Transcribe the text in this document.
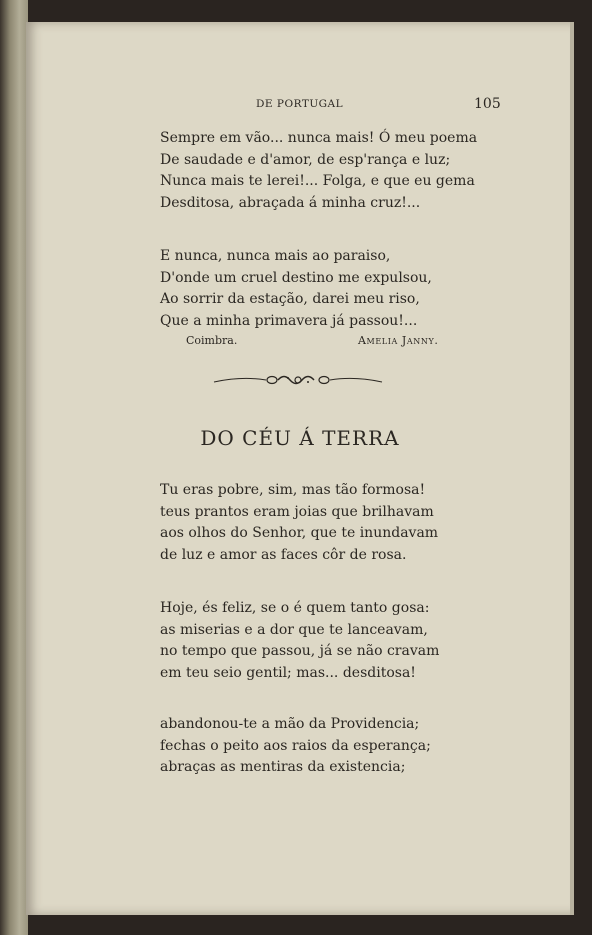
DE PORTUGAL	105
Sempre em vão... nunca mais! Ó meu poema
De saudade e d'amor, de esp'rança e luz;
Nunca mais te lerei!... Folga, e que eu gema
Desditosa, abraçada á minha cruz!...
E nunca, nunca mais ao paraiso,
D'onde um cruel destino me expulsou,
Ao sorrir da estação, darei meu riso,
Que a minha primavera já passou!...
Coimbra.	Amelia Janny.
DO CÉU Á TERRA
Tu eras pobre, sim, mas tão formosa!
teus prantos eram joias que brilhavam
aos olhos do Senhor, que te inundavam
de luz e amor as faces côr de rosa.
Hoje, és feliz, se o é quem tanto gosa:
as miserias e a dor que te lanceavam,
no tempo que passou, já se não cravam
em teu seio gentil; mas... desditosa!
abandonou-te a mão da Providencia;
fechas o peito aos raios da esperança;
abraças as mentiras da existencia;
